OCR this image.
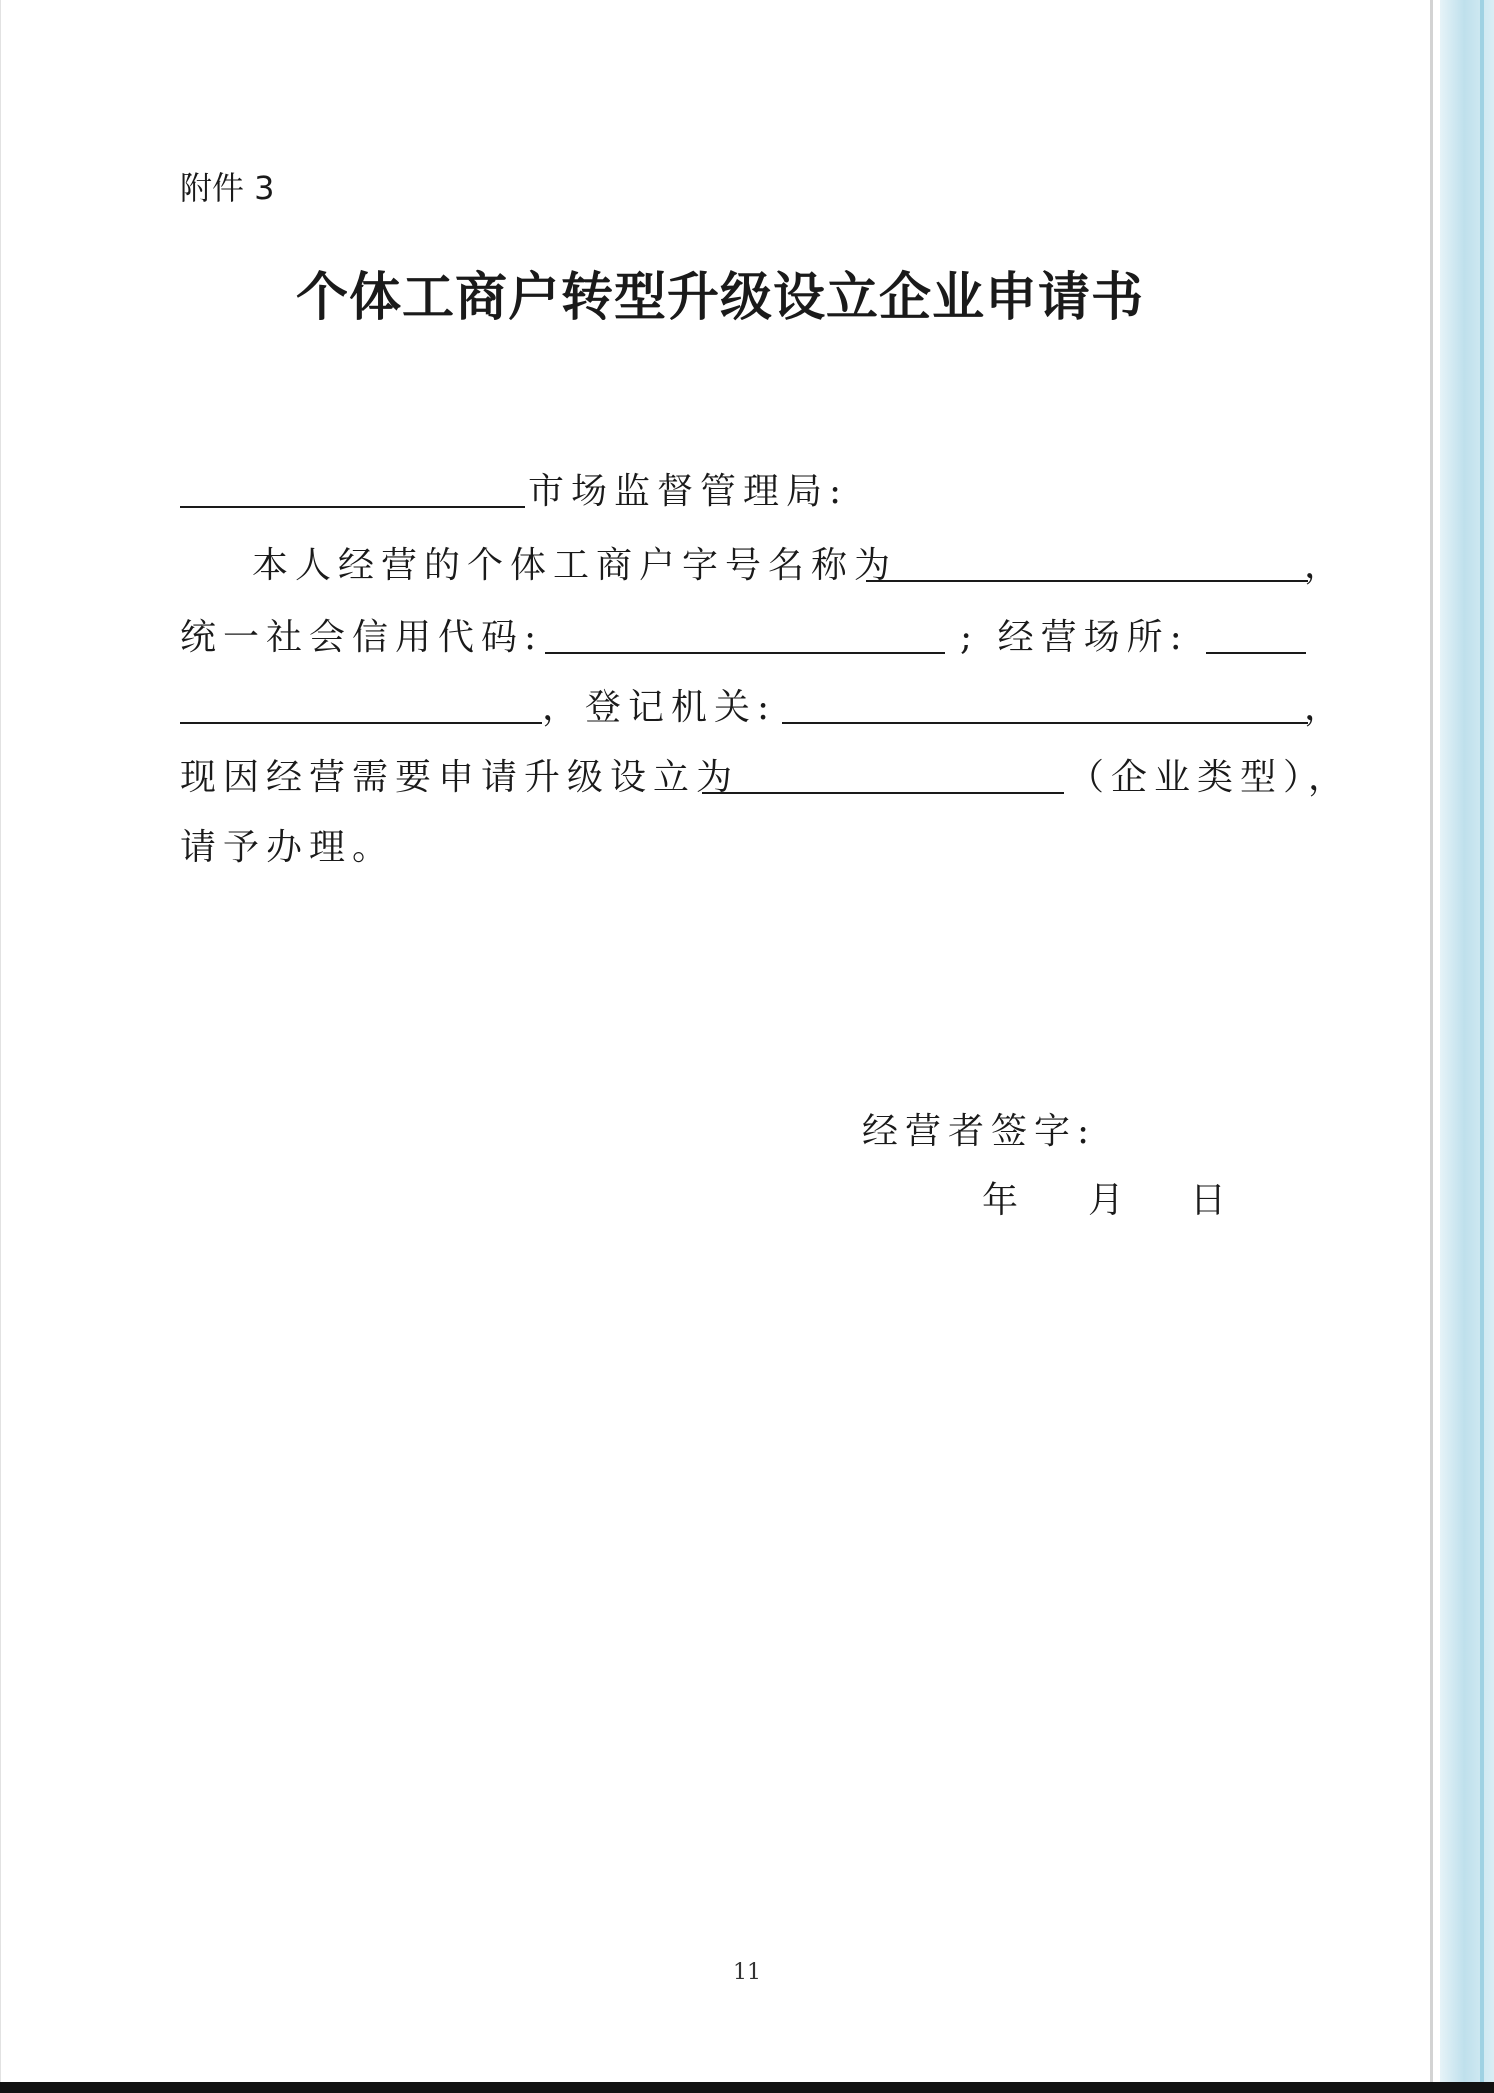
附件 3
个体工商户转型升级设立企业申请书
市场监督管理局:
本人经营的个体工商户字号名称为	，
统一社会信用代码:	; 经营场所:
，登记机关:	，
现因经营需要申请升级设立为	（企业类型），
请予办理。
经营者签字:
年 月 日
11
